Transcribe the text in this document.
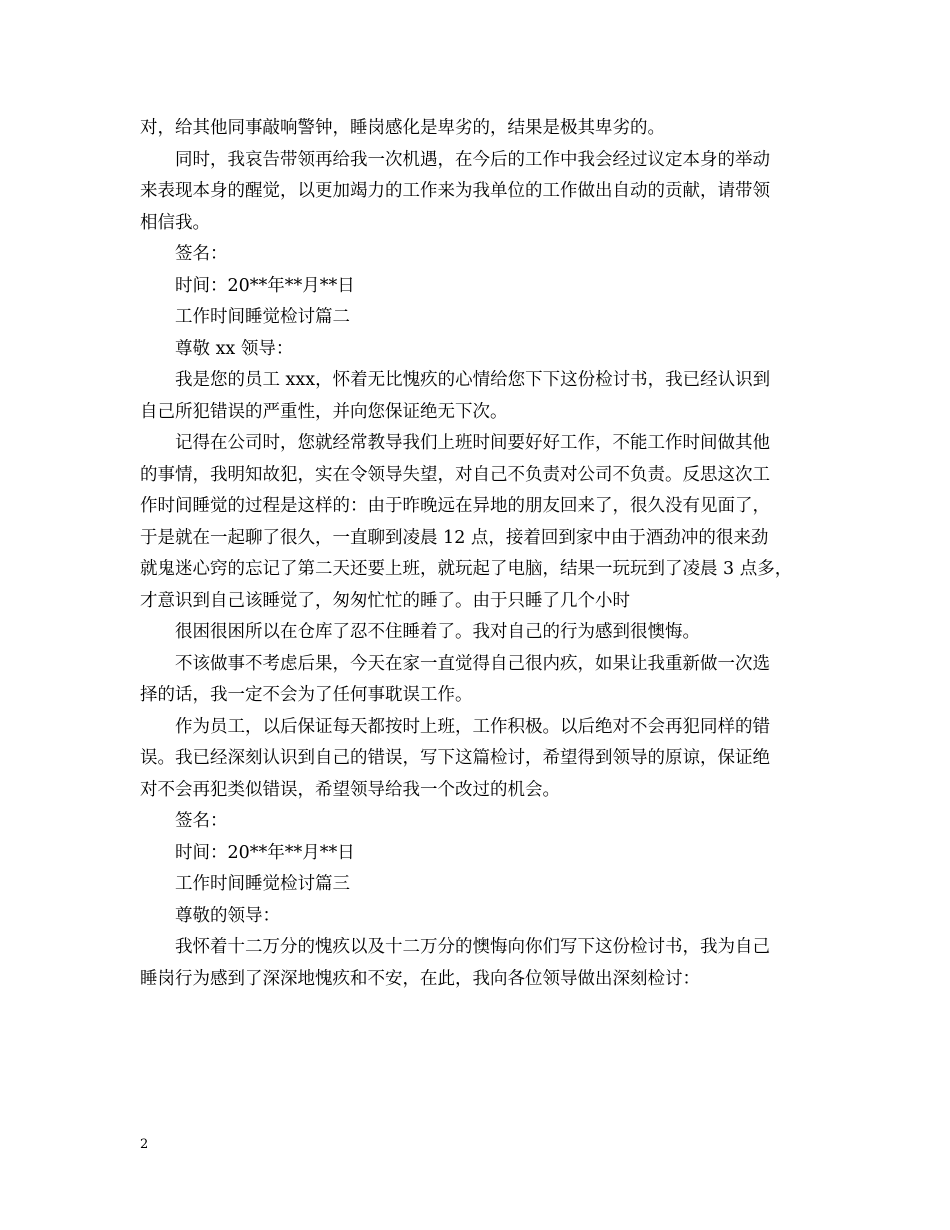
对，给其他同事敲响警钟，睡岗感化是卑劣的，结果是极其卑劣的。
同时，我哀告带领再给我一次机遇，在今后的工作中我会经过议定本身的举动
来表现本身的醒觉，以更加竭力的工作来为我单位的工作做出自动的贡献，请带领
相信我。
签名：
时间：20**年**月**日
工作时间睡觉检讨篇二
尊敬 xx 领导：
我是您的员工 xxx，怀着无比愧疚的心情给您下下这份检讨书，我已经认识到
自己所犯错误的严重性，并向您保证绝无下次。
记得在公司时，您就经常教导我们上班时间要好好工作，不能工作时间做其他
的事情，我明知故犯，实在令领导失望，对自己不负责对公司不负责。反思这次工
作时间睡觉的过程是这样的：由于昨晚远在异地的朋友回来了，很久没有见面了，
于是就在一起聊了很久，一直聊到凌晨 12 点，接着回到家中由于酒劲冲的很来劲
就鬼迷心窍的忘记了第二天还要上班，就玩起了电脑，结果一玩玩到了凌晨 3 点多，
才意识到自己该睡觉了，匆匆忙忙的睡了。由于只睡了几个小时
很困很困所以在仓库了忍不住睡着了。我对自己的行为感到很懊悔。
不该做事不考虑后果，今天在家一直觉得自己很内疚，如果让我重新做一次选
择的话，我一定不会为了任何事耽误工作。
作为员工，以后保证每天都按时上班，工作积极。以后绝对不会再犯同样的错
误。我已经深刻认识到自己的错误，写下这篇检讨，希望得到领导的原谅，保证绝
对不会再犯类似错误，希望领导给我一个改过的机会。
签名：
时间：20**年**月**日
工作时间睡觉检讨篇三
尊敬的领导：
我怀着十二万分的愧疚以及十二万分的懊悔向你们写下这份检讨书，我为自己
睡岗行为感到了深深地愧疚和不安，在此，我向各位领导做出深刻检讨：
2
